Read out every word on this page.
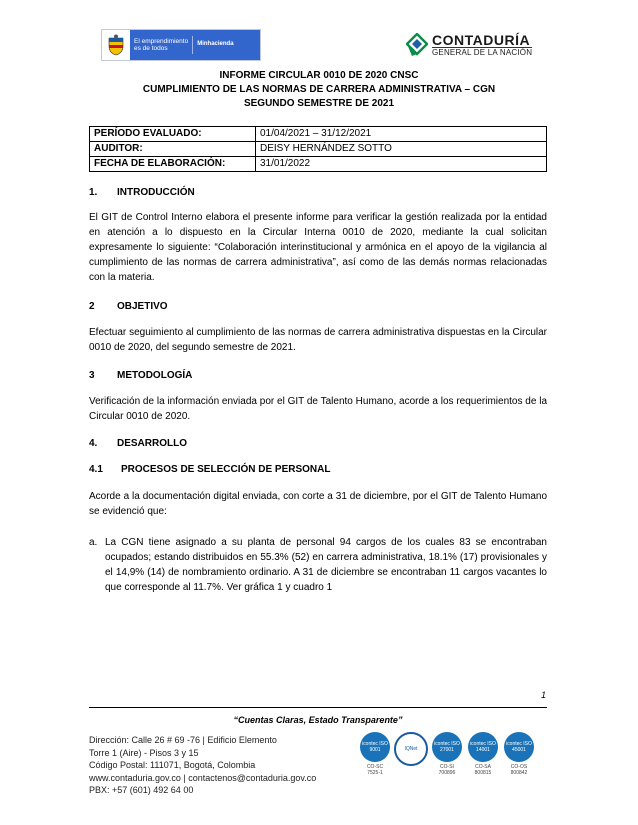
El emprendimiento
es de todos
Minhacienda	CONTADURÍA
GENERAL DE LA NACIÓN
INFORME CIRCULAR 0010 DE 2020 CNSC
CUMPLIMIENTO DE LAS NORMAS DE CARRERA ADMINISTRATIVA – CGN
SEGUNDO SEMESTRE DE 2021
PERÍODO EVALUADO:	01/04/2021 – 31/12/2021
AUDITOR:	DEISY HERNÁNDEZ SOTTO
FECHA DE ELABORACIÓN:	31/01/2022
1. INTRODUCCIÓN
El GIT de Control Interno elabora el presente informe para verificar la gestión realizada por la entidad en atención a lo dispuesto en la Circular Interna 0010 de 2020, mediante la cual solicitan expresamente lo siguiente: “Colaboración interinstitucional y armónica en el apoyo de la vigilancia al cumplimiento de las normas de carrera administrativa”, así como de las demás normas relacionadas con la materia.
2 OBJETIVO
Efectuar seguimiento al cumplimiento de las normas de carrera administrativa dispuestas en la Circular 0010 de 2020, del segundo semestre de 2021.
3 METODOLOGÍA
Verificación de la información enviada por el GIT de Talento Humano, acorde a los requerimientos de la Circular 0010 de 2020.
4. DESARROLLO
4.1 PROCESOS DE SELECCIÓN DE PERSONAL
Acorde a la documentación digital enviada, con corte a 31 de diciembre, por el GIT de Talento Humano se evidenció que:
a. La CGN tiene asignado a su planta de personal 94 cargos de los cuales 83 se encontraban ocupados; estando distribuidos en 55.3% (52) en carrera administrativa, 18.1% (17) provisionales y el 14,9% (14) de nombramiento ordinario. A 31 de diciembre se encontraban 11 cargos vacantes lo que corresponde al 11.7%. Ver gráfica 1 y cuadro 1
1
“Cuentas Claras, Estado Transparente”
Dirección: Calle 26 # 69 -76 | Edificio Elemento
Torre 1 (Aire) - Pisos 3 y 15
Código Postal: 111071, Bogotá, Colombia
www.contaduria.gov.co | contactenos@contaduria.gov.co
PBX: +57 (601) 492 64 00
icontec ISO 9001
CO-SC 7525-1
IQNet
icontec ISO 27001
CO-SI 700896
icontec ISO 14001
CO-SA 800815
icontec ISO 45001
CO-OS 800842
